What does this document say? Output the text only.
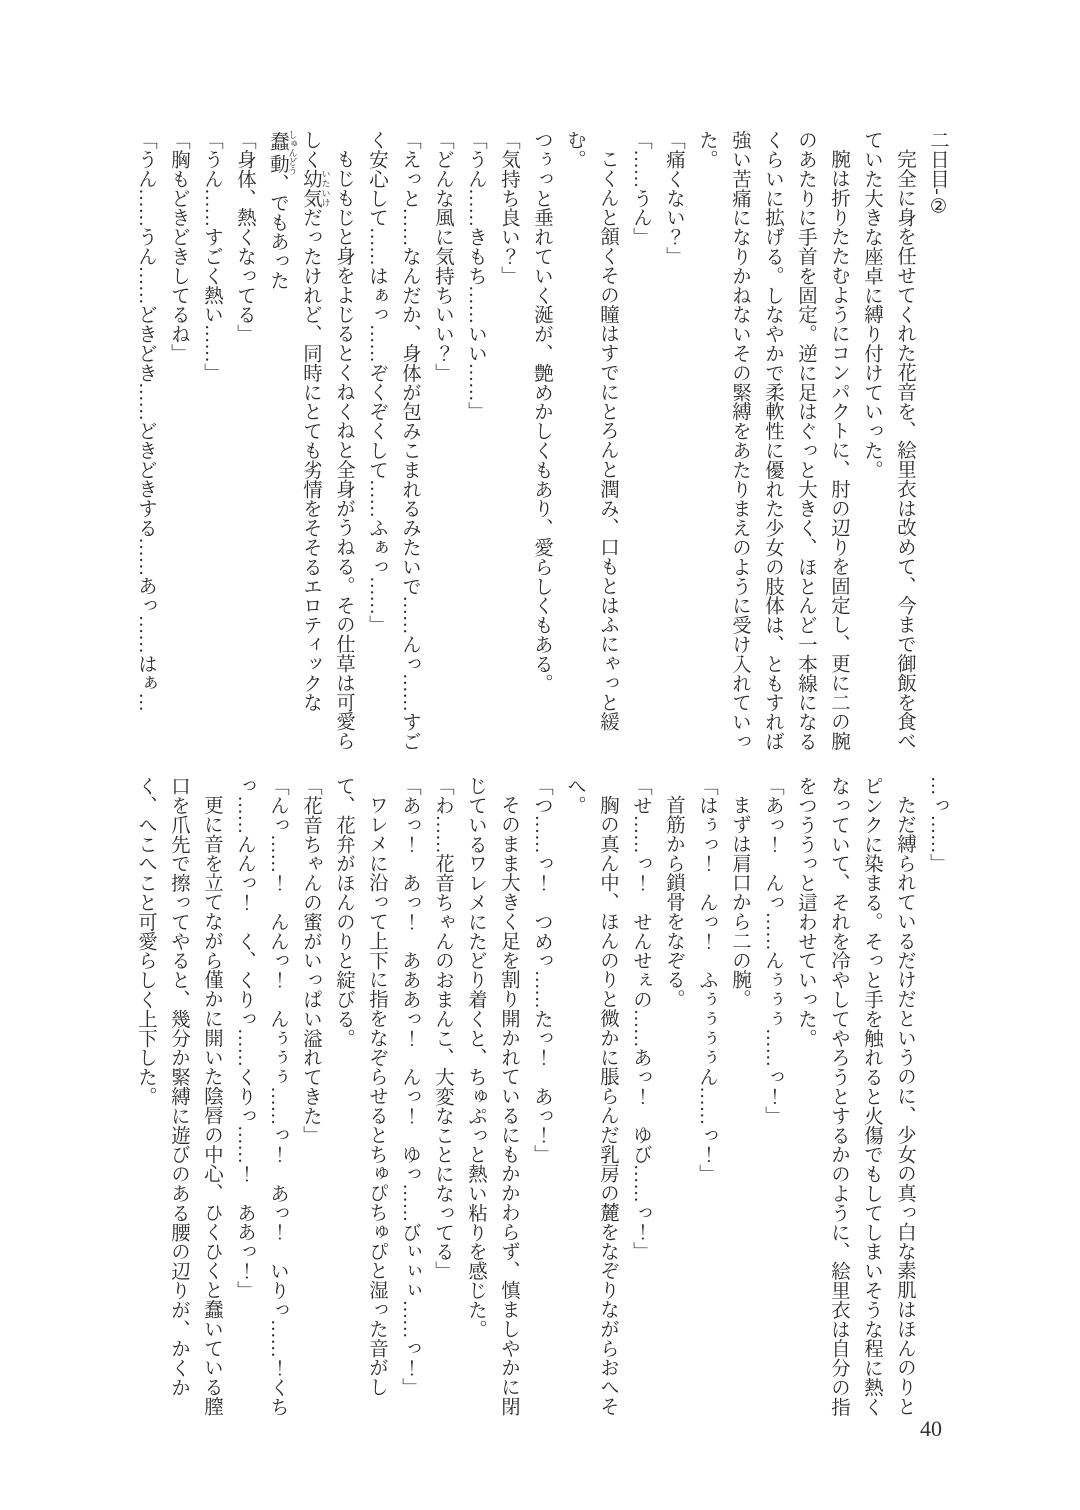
二日目‐②

完全に身を任せてくれた花音を、絵里衣は改めて、今まで御飯を食べていた大きな座卓に縛り付けていった。

腕は折りたたむようにコンパクトに、肘の辺りを固定し、更に二の腕のあたりに手首を固定。逆に足はぐっと大きく、ほとんど一本線になるくらいに拡げる。しなやかで柔軟性に優れた少女の肢体は、ともすれば強い苦痛になりかねないその緊縛をあたりまえのように受け入れていった。

「痛くない？」

「……うん」

こくんと頷くその瞳はすでにとろんと潤み、口もとはふにゃっと緩む。

つぅっと垂れていく涎が、艶めかしくもあり、愛らしくもある。

「気持ち良い？」

「うん……きもち……いい……」

「どんな風に気持ちいい？」

「えっと……なんだか、身体が包みこまれるみたいで……んっ……すごく安心して……はぁっ……ぞくぞくして……ふぁっ……」

もじもじと身をよじるとくねくねと全身がうねる。その仕草は可愛らしく幼気 いたいけだったけれど、同時にとても劣情をそそるエロティックな蠢動 しゅんどう、でもあった

「身体、熱くなってる」

「うん……すごく熱い……」

「胸もどきどきしてるね」

「うん……うん……どきどき……どきどきする……あっ……はぁ…

…っ……」

ただ縛られているだけだというのに、少女の真っ白な素肌はほんのりとピンクに染まる。そっと手を触れると火傷でもしてしまいそうな程に熱くなっていて、それを冷やしてやろうとするかのように、絵里衣は自分の指をつううっと這わせていった。

「あっ！　んっ……んぅぅぅ……っ！」

まずは肩口から二の腕。

「はぅっ！　んっ！　ふぅぅぅぅん……っ！」

首筋から鎖骨をなぞる。

「せ……っ！　せんせぇの……あっ！　ゆび……っ！」

胸の真ん中、ほんのりと微かに脹らんだ乳房の麓をなぞりながらおへそへ。

「つ……っ！　つめっ……たっ！　あっ！」

そのまま大きく足を割り開かれているにもかかわらず、慎ましやかに閉じているワレメにたどり着くと、ちゅぷっと熱い粘りを感じた。

「わ……花音ちゃんのおまんこ、大変なことになってる」

「あっ！　あっ！　あああっ！　んっ！　ゆっ……びぃぃぃ……っ！」

ワレメに沿って上下に指をなぞらせるとちゅぴちゅぴと湿った音がして、花弁がほんのりと綻びる。

「花音ちゃんの蜜がいっぱい溢れてきた」

「んっ……！　んんっ！　んぅぅぅ……っ！　あっ！　いりっ……！くちっ……んんっ！　く、くりっ……くりっ……！　ああっ！」

更に音を立てながら僅かに開いた陰唇の中心、ひくひくと蠢いている膣口を爪先で擦ってやると、幾分か緊縛に遊びのある腰の辺りが、かくかく、へこへこと可愛らしく上下した。

40
